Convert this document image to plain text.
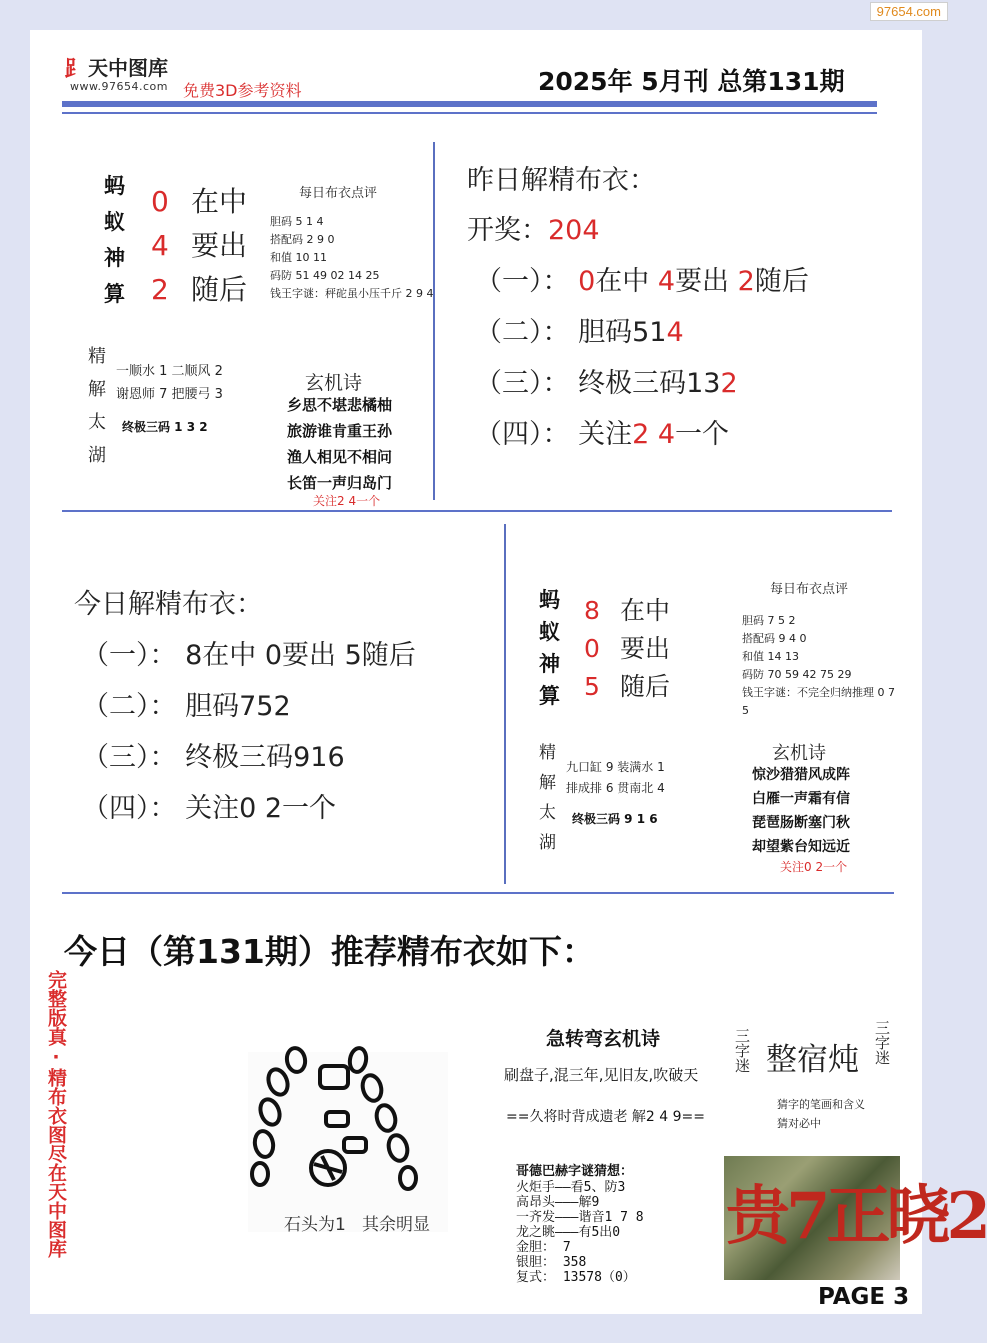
97654.com
⻊ 天中图库
www.97654.com 免费3D参考资料	2025年 5月刊 总第131期
蚂
蚁
神
算
0
4
2
在中
要出
随后
每日布衣点评
胆码 5 1 4
搭配码 2 9 0
和值 10 11
码防 51 49 02 14 25
钱王字谜：秤砣虽小压千斤 2 9 4
精
解
太
湖
一顺水 1 二顺风 2
谢恩师 7 把腰弓 3
终极三码 1 3 2
玄机诗
乡思不堪悲橘柚
旅游谁肯重王孙
渔人相见不相问
长笛一声归岛门
关注2 4一个
昨日解精布衣：
开奖：204
（一）： 0在中 4要出 2随后
（二）： 胆码514
（三）： 终极三码132
（四）： 关注2 4一个
今日解精布衣：
（一）： 8在中 0要出 5随后
（二）： 胆码752
（三）： 终极三码916
（四）： 关注0 2一个
蚂
蚁
神
算
8
0
5
在中
要出
随后
每日布衣点评
胆码 7 5 2
搭配码 9 4 0
和值 14 13
码防 70 59 42 75 29
钱王字谜：不完全归纳推理 0 7 5
精
解
太
湖
九口缸 9 装满水 1
排成排 6 贯南北 4
终极三码 9 1 6
玄机诗
惊沙猎猎风成阵
白雁一声霜有信
琵琶肠断塞门秋
却望紫台知远近
关注0 2一个
今日（第131期）推荐精布衣如下：
完整版真·精布衣图尽在天中图库	石头为1   其余明显
急转弯玄机诗
刷盘子,混三年,见旧友,吹破天
==久将时背成遗老 解2 4 9==
哥德巴赫字谜猜想：
火炬手——看5、防3
高昂头———解9
一齐发———谐音1 7 8
龙之眺———有5出0
金胆： 7
银胆： 358
复式： 13578（0）
三字迷 整宿炖 三字迷
猜字的笔画和含义
猜对必中
贵7正晓2
PAGE 3
